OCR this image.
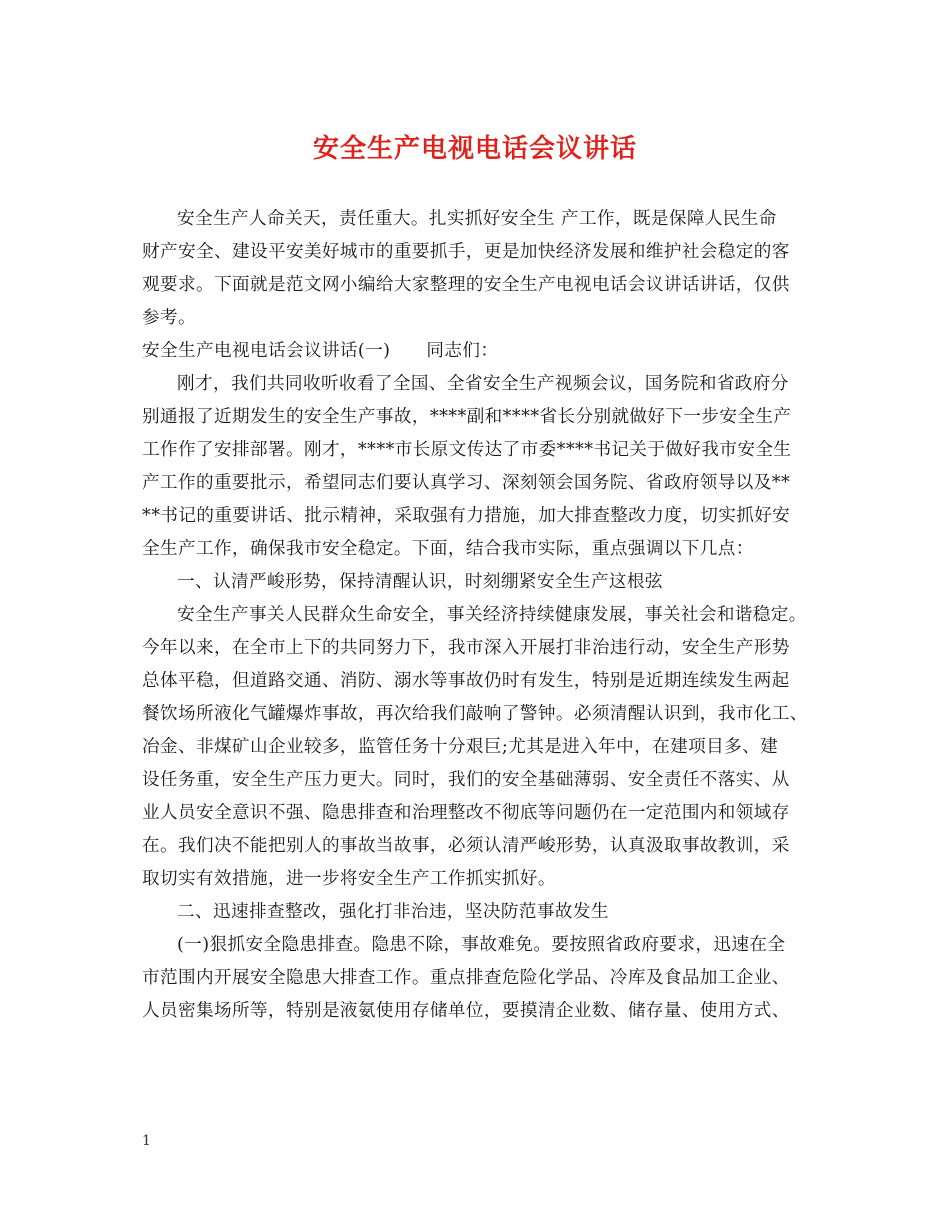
安全生产电视电话会议讲话
安全生产人命关天，责任重大。扎实抓好安全生 产工作，既是保障人民生命
财产安全、建设平安美好城市的重要抓手，更是加快经济发展和维护社会稳定的客
观要求。下面就是范文网小编给大家整理的安全生产电视电话会议讲话讲话，仅供
参考。
安全生产电视电话会议讲话(一)　　同志们：
刚才，我们共同收听收看了全国、全省安全生产视频会议，国务院和省政府分
别通报了近期发生的安全生产事故，****副和****省长分别就做好下一步安全生产
工作作了安排部署。刚才，****市长原文传达了市委****书记关于做好我市安全生
产工作的重要批示，希望同志们要认真学习、深刻领会国务院、省政府领导以及**
**书记的重要讲话、批示精神，采取强有力措施，加大排查整改力度，切实抓好安
全生产工作，确保我市安全稳定。下面，结合我市实际，重点强调以下几点：
一、认清严峻形势，保持清醒认识，时刻绷紧安全生产这根弦
安全生产事关人民群众生命安全，事关经济持续健康发展，事关社会和谐稳定。
今年以来，在全市上下的共同努力下，我市深入开展打非治违行动，安全生产形势
总体平稳，但道路交通、消防、溺水等事故仍时有发生，特别是近期连续发生两起
餐饮场所液化气罐爆炸事故，再次给我们敲响了警钟。必须清醒认识到，我市化工、
冶金、非煤矿山企业较多，监管任务十分艰巨;尤其是进入年中，在建项目多、建
设任务重，安全生产压力更大。同时，我们的安全基础薄弱、安全责任不落实、从
业人员安全意识不强、隐患排查和治理整改不彻底等问题仍在一定范围内和领域存
在。我们决不能把别人的事故当故事，必须认清严峻形势，认真汲取事故教训，采
取切实有效措施，进一步将安全生产工作抓实抓好。
二、迅速排查整改，强化打非治违，坚决防范事故发生
(一)狠抓安全隐患排查。隐患不除，事故难免。要按照省政府要求，迅速在全
市范围内开展安全隐患大排查工作。重点排查危险化学品、冷库及食品加工企业、
人员密集场所等，特别是液氨使用存储单位，要摸清企业数、储存量、使用方式、
1
